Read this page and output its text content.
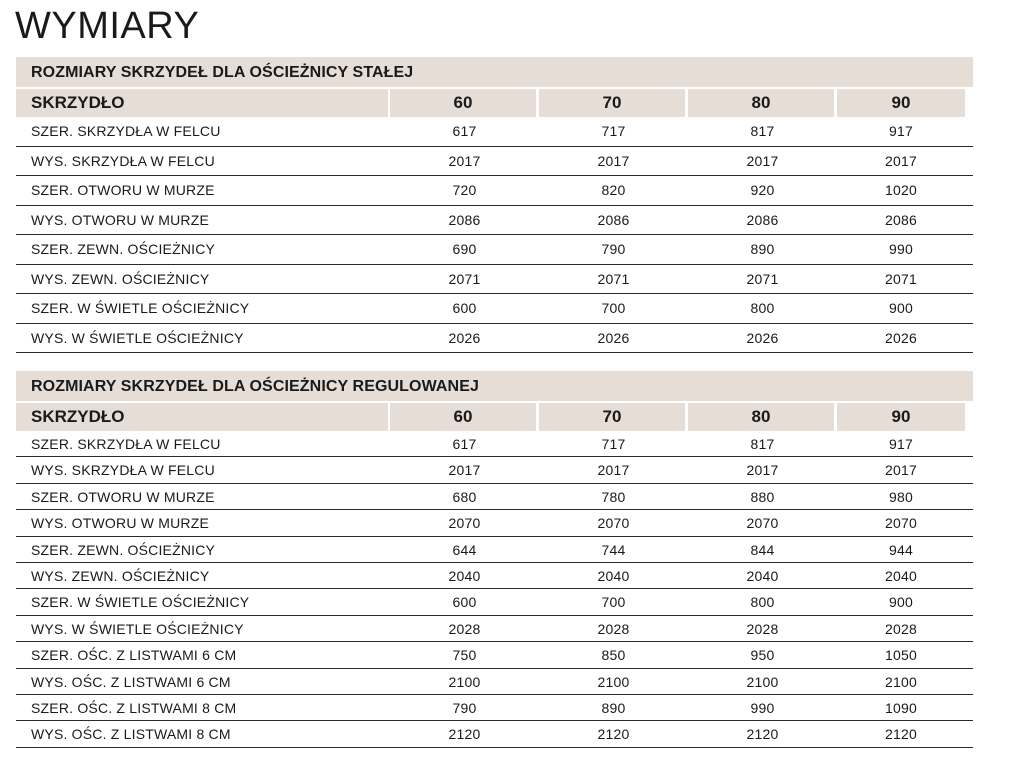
WYMIARY
ROZMIARY SKRZYDEŁ DLA OŚCIEŻNICY STAŁEJ
SKRZYDŁO	60	70	80	90
SZER. SKRZYDŁA W FELCU	617	717	817	917
WYS. SKRZYDŁA W FELCU	2017	2017	2017	2017
SZER. OTWORU W MURZE	720	820	920	1020
WYS. OTWORU W MURZE	2086	2086	2086	2086
SZER. ZEWN. OŚCIEŻNICY	690	790	890	990
WYS. ZEWN. OŚCIEŻNICY	2071	2071	2071	2071
SZER. W ŚWIETLE OŚCIEŻNICY	600	700	800	900
WYS. W ŚWIETLE OŚCIEŻNICY	2026	2026	2026	2026
ROZMIARY SKRZYDEŁ DLA OŚCIEŻNICY REGULOWANEJ
SKRZYDŁO	60	70	80	90
SZER. SKRZYDŁA W FELCU	617	717	817	917
WYS. SKRZYDŁA W FELCU	2017	2017	2017	2017
SZER. OTWORU W MURZE	680	780	880	980
WYS. OTWORU W MURZE	2070	2070	2070	2070
SZER. ZEWN. OŚCIEŻNICY	644	744	844	944
WYS. ZEWN. OŚCIEŻNICY	2040	2040	2040	2040
SZER. W ŚWIETLE OŚCIEŻNICY	600	700	800	900
WYS. W ŚWIETLE OŚCIEŻNICY	2028	2028	2028	2028
SZER. OŚC. Z LISTWAMI 6 CM	750	850	950	1050
WYS. OŚC. Z LISTWAMI 6 CM	2100	2100	2100	2100
SZER. OŚC. Z LISTWAMI 8 CM	790	890	990	1090
WYS. OŚC. Z LISTWAMI 8 CM	2120	2120	2120	2120
